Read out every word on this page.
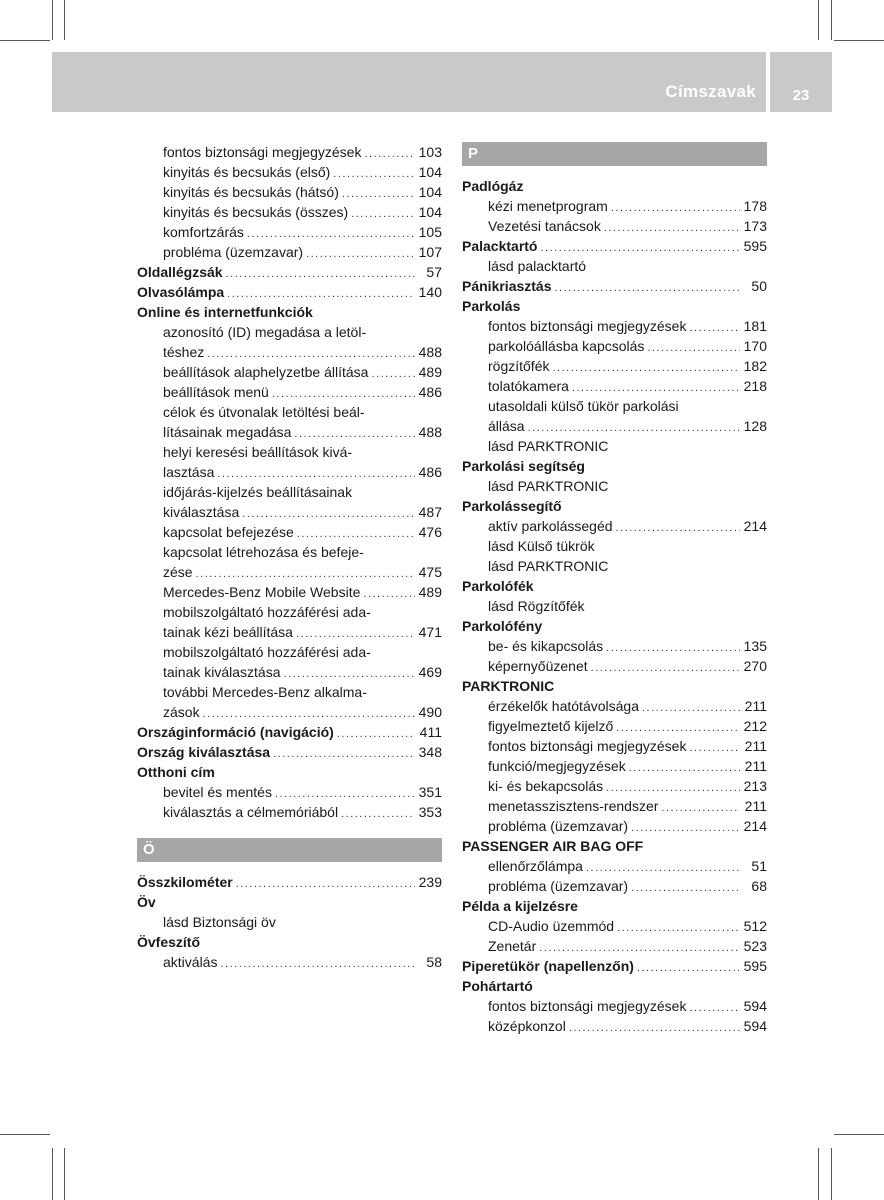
Címszavak	23
fontos biztonsági megjegyzések .....	103
kinyitás és becsukás (első) .....	104
kinyitás és becsukás (hátsó) .....	104
kinyitás és becsukás (összes) .....	104
komfortzárás .....	105
probléma (üzemzavar) .....	107
Oldallégzsák .....	57
Olvasólámpa .....	140
Online és internetfunkciók
azonosító (ID) megadása a letöl-
téshez .....	488
beállítások alaphelyzetbe állítása .....	489
beállítások menü .....	486
célok és útvonalak letöltési beál-
lításainak megadása .....	488
helyi keresési beállítások kivá-
lasztása .....	486
időjárás-kijelzés beállításainak
kiválasztása .....	487
kapcsolat befejezése .....	476
kapcsolat létrehozása és befeje-
zése .....	475
Mercedes-Benz Mobile Website .....	489
mobilszolgáltató hozzáférési ada-
tainak kézi beállítása .....	471
mobilszolgáltató hozzáférési ada-
tainak kiválasztása .....	469
további Mercedes-Benz alkalma-
zások .....	490
Országinformáció (navigáció) .....	411
Ország kiválasztása .....	348
Otthoni cím
bevitel és mentés .....	351
kiválasztás a célmemóriából .....	353
Ö
Összkilométer .....	239
Öv
lásd Biztonsági öv
Övfeszítő
aktiválás .....	58
P
Padlógáz
kézi menetprogram .....	178
Vezetési tanácsok .....	173
Palacktartó .....	595
lásd palacktartó
Pánikriasztás .....	50
Parkolás
fontos biztonsági megjegyzések .....	181
parkolóállásba kapcsolás .....	170
rögzítőfék .....	182
tolatókamera .....	218
utasoldali külső tükör parkolási
állása .....	128
lásd PARKTRONIC
Parkolási segítség
lásd PARKTRONIC
Parkolássegítő
aktív parkolássegéd .....	214
lásd Külső tükrök
lásd PARKTRONIC
Parkolófék
lásd Rögzítőfék
Parkolófény
be- és kikapcsolás .....	135
képernyőüzenet .....	270
PARKTRONIC
érzékelők hatótávolsága .....	211
figyelmeztető kijelző .....	212
fontos biztonsági megjegyzések .....	211
funkció/megjegyzések .....	211
ki- és bekapcsolás .....	213
menetasszisztens-rendszer .....	211
probléma (üzemzavar) .....	214
PASSENGER AIR BAG OFF
ellenőrzőlámpa .....	51
probléma (üzemzavar) .....	68
Példa a kijelzésre
CD-Audio üzemmód .....	512
Zenetár .....	523
Piperetükör (napellenzőn) .....	595
Pohártartó
fontos biztonsági megjegyzések .....	594
középkonzol .....	594
